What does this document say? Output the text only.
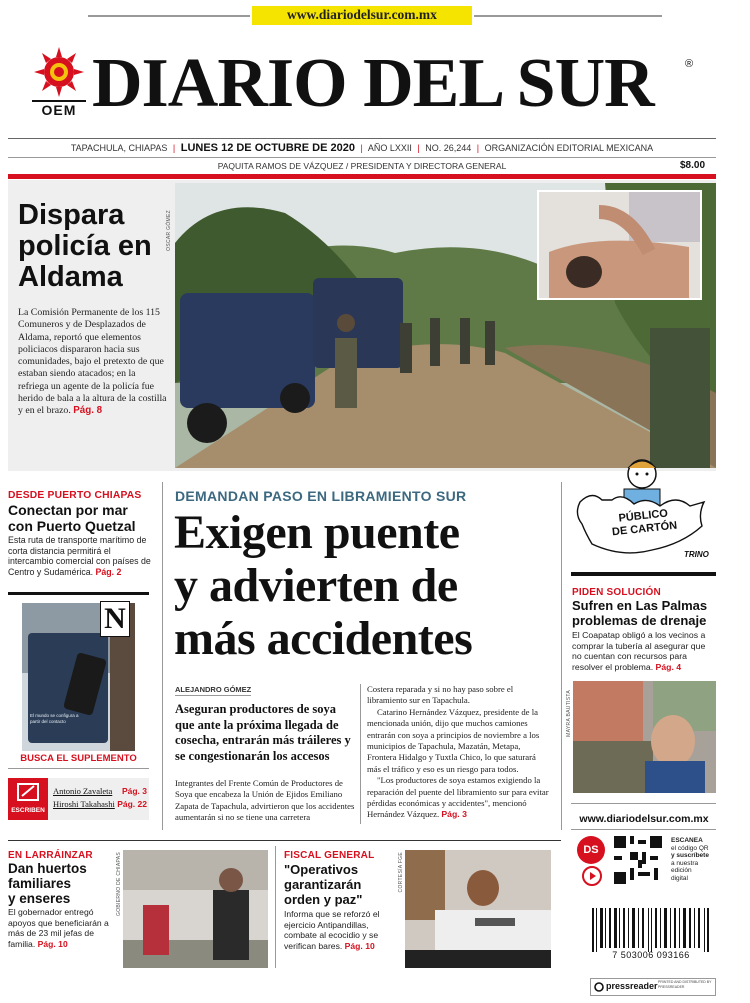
www.diariodelsur.com.mx
OEM DIARIO DEL SUR	®
TAPACHULA, CHIAPAS | LUNES 12 DE OCTUBRE DE 2020 | AÑO LXXII | NO. 26,244 | ORGANIZACIÓN EDITORIAL MEXICANA
PAQUITA RAMOS DE VÁZQUEZ / PRESIDENTA Y DIRECTORA GENERAL	$8.00
Dispara
policía en
Aldama
La Comisión Permanente de los 115 Comuneros y de Desplazados de Aldama, reportó que elementos policiacos dispararon hacia sus comunidades, bajo el pretexto de que estaban siendo atacados; en la refriega un agente de la policía fue herido de bala a la altura de la costilla y en el brazo. Pág. 8
OSCAR GÓMEZ
DESDE PUERTO CHIAPAS
Conectan por mar
con Puerto Quetzal
Esta ruta de transporte marítimo de corta distancia permitirá el intercambio comercial con países de Centro y Sudamérica. Pág. 2
N
El mundo se configura a partir del contacto
BUSCA EL SUPLEMENTO
ESCRIBEN
Antonio Zavaleta Pág. 3
Hiroshi Takahashi Pág. 22
DEMANDAN PASO EN LIBRAMIENTO SUR
Exigen puente
y advierten de
más accidentes
ALEJANDRO GÓMEZ
Aseguran productores de soya que ante la próxima llegada de cosecha, entrarán más tráileres y se congestionarán los accesos
Integrantes del Frente Común de Productores de Soya que encabeza la Unión de Ejidos Emiliano Zapata de Tapachula, advirtieron que los accidentes aumentarán si no se tiene una carretera

Costera reparada y si no hay paso sobre el libramiento sur en Tapachula.

Catarino Hernández Vázquez, presidente de la mencionada unión, dijo que muchos camiones entrarán con soya a principios de noviembre a los municipios de Tapachula, Mazatán, Metapa, Frontera Hidalgo y Tuxtla Chico, lo que saturará más el tráfico y eso es un riesgo para todos.

"Los productores de soya estamos exigiendo la reparación del puente del libramiento sur para evitar pérdidas económicas y accidentes", mencionó Hernández Vázquez. Pág. 3

PÚBLICO
DE CARTÓN
TRINO
PIDEN SOLUCIÓN
Sufren en Las Palmas
problemas de drenaje
El Coapatap obligó a los vecinos a comprar la tubería al asegurar que no cuentan con recursos para resolver el problema. Pág. 4
MAYRA BAUTISTA
www.diariodelsur.com.mx
DS
ESCANEA
el código QR
y suscríbete
a nuestra
edición
digital
EN LARRÁINZAR
Dan huertos
familiares
y enseres
El gobernador entregó apoyos que beneficiarán a más de 23 mil jefas de familia. Pág. 10
GOBIERNO DE CHIAPAS	FISCAL GENERAL
"Operativos
garantizarán
orden y paz"
Informa que se reforzó el ejercicio Antipandillas, combate al ecocidio y se verifican bares. Pág. 10
CORTESÍA FGE
7 503006 093166
pressreader PRINTED AND DISTRIBUTED BY PRESSREADER
